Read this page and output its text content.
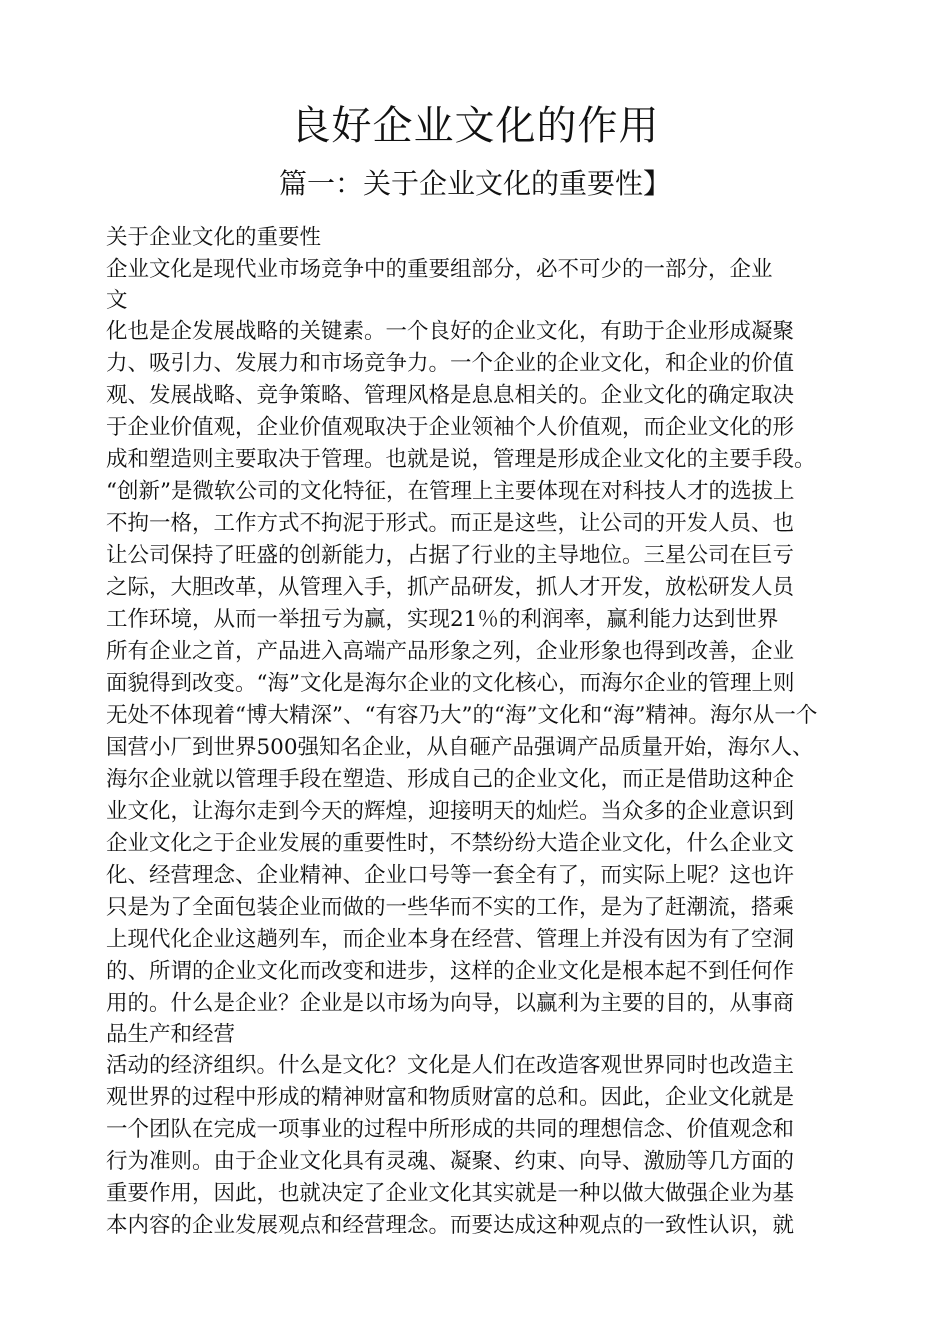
良好企业文化的作用
篇一：关于企业文化的重要性】

关于企业文化的重要性

企业文化是现代业市场竞争中的重要组部分，必不可少的一部分，企业

文

化也是企发展战略的关键素。一个良好的企业文化，有助于企业形成凝聚

力、吸引力、发展力和市场竞争力。一个企业的企业文化，和企业的价值

观、发展战略、竞争策略、管理风格是息息相关的。企业文化的确定取决

于企业价值观，企业价值观取决于企业领袖个人价值观，而企业文化的形

成和塑造则主要取决于管理。也就是说，管理是形成企业文化的主要手段。

“创新”是微软公司的文化特征，在管理上主要体现在对科技人才的选拔上

不拘一格，工作方式不拘泥于形式。而正是这些，让公司的开发人员、也

让公司保持了旺盛的创新能力，占据了行业的主导地位。三星公司在巨亏

之际，大胆改革，从管理入手，抓产品研发，抓人才开发，放松研发人员

工作环境，从而一举扭亏为赢，实现21％的利润率，赢利能力达到世界

所有企业之首，产品进入高端产品形象之列，企业形象也得到改善，企业

面貌得到改变。“海”文化是海尔企业的文化核心，而海尔企业的管理上则

无处不体现着“博大精深”、“有容乃大”的“海”文化和“海”精神。海尔从一个

国营小厂到世界500强知名企业，从自砸产品强调产品质量开始，海尔人、

海尔企业就以管理手段在塑造、形成自己的企业文化，而正是借助这种企

业文化，让海尔走到今天的辉煌，迎接明天的灿烂。当众多的企业意识到

企业文化之于企业发展的重要性时，不禁纷纷大造企业文化，什么企业文

化、经营理念、企业精神、企业口号等一套全有了，而实际上呢？这也许

只是为了全面包装企业而做的一些华而不实的工作，是为了赶潮流，搭乘

上现代化企业这趟列车，而企业本身在经营、管理上并没有因为有了空洞

的、所谓的企业文化而改变和进步，这样的企业文化是根本起不到任何作

用的。什么是企业？企业是以市场为向导，以赢利为主要的目的，从事商

品生产和经营

活动的经济组织。什么是文化？文化是人们在改造客观世界同时也改造主

观世界的过程中形成的精神财富和物质财富的总和。因此，企业文化就是

一个团队在完成一项事业的过程中所形成的共同的理想信念、价值观念和

行为准则。由于企业文化具有灵魂、凝聚、约束、向导、激励等几方面的

重要作用，因此，也就决定了企业文化其实就是一种以做大做强企业为基

本内容的企业发展观点和经营理念。而要达成这种观点的一致性认识，就
